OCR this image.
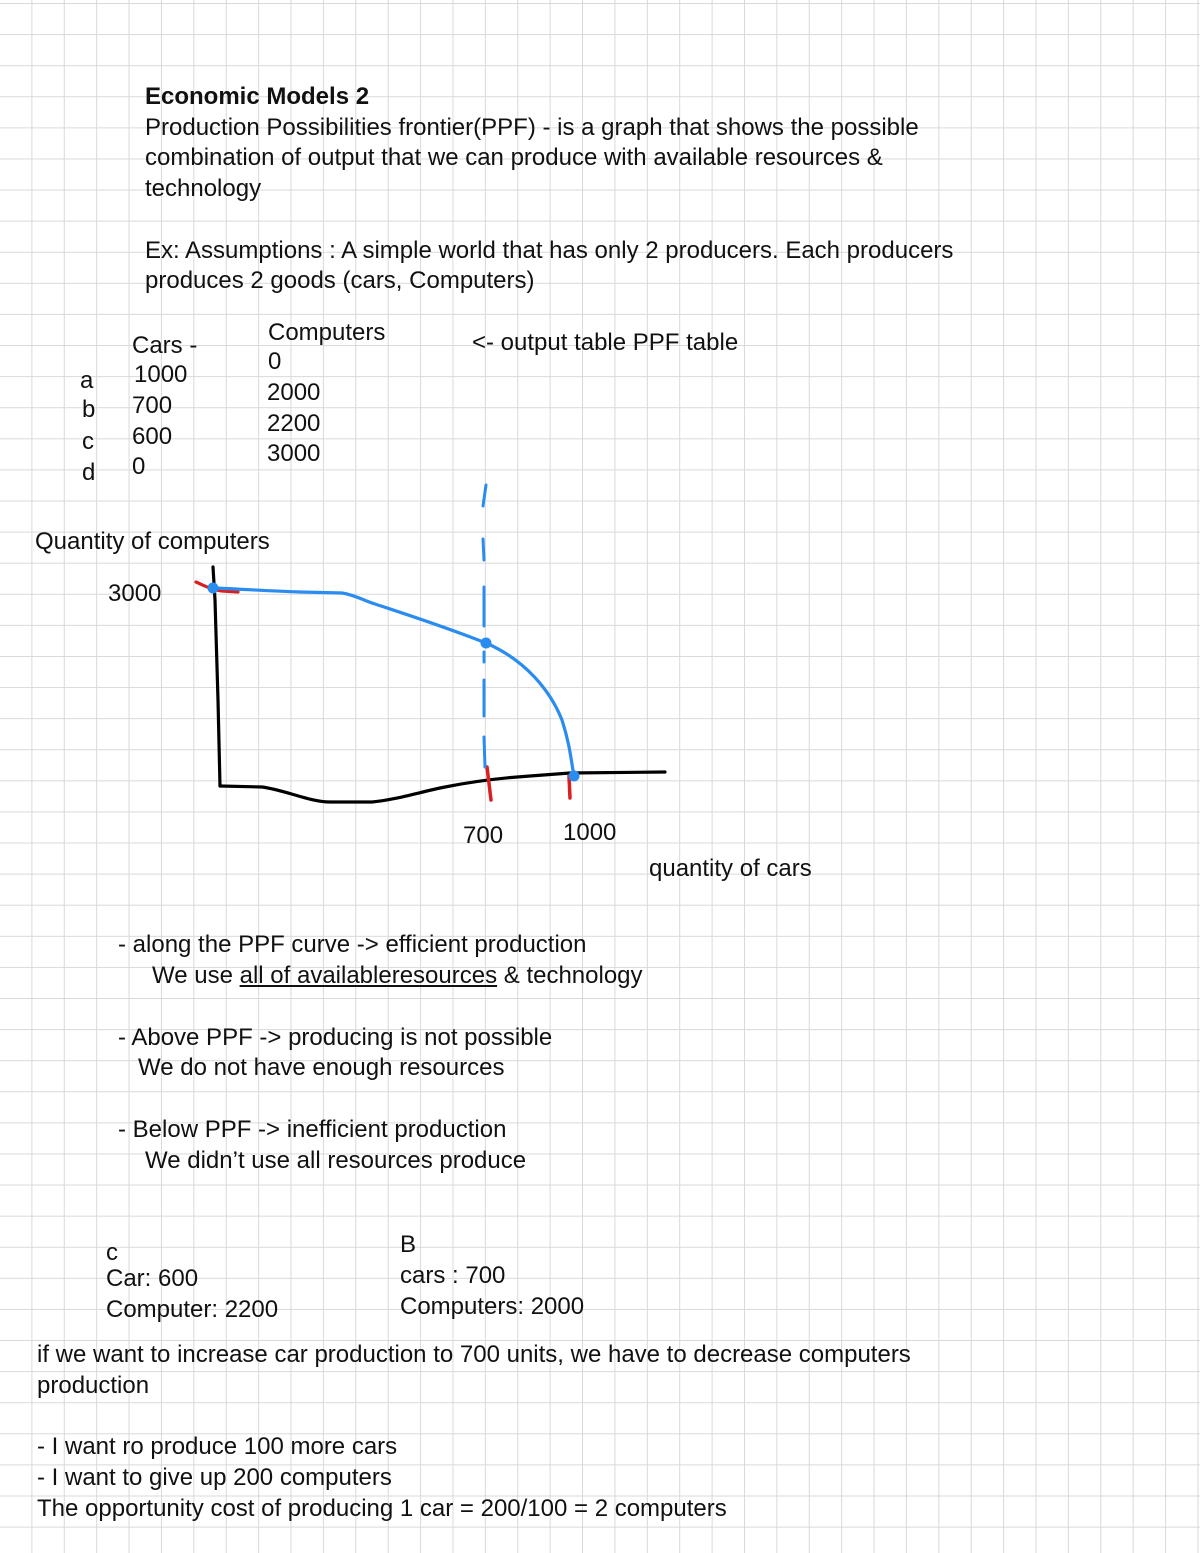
Economic Models 2
Production Possibilities frontier(PPF) - is a graph that shows the possible
combination of output that we can produce with available resources &
technology
Ex: Assumptions : A simple world that has only 2 producers. Each producers
produces 2 goods (cars, Computers)
Cars -	Computers	<- output table PPF table
a
b
c
d
1000
700
600
0
0
2000
2200
3000
Quantity of computers
3000
700 1000
quantity of cars
- along the PPF curve -> efficient production
We use all of availableresources & technology
- Above PPF -> producing is not possible
We do not have enough resources
- Below PPF -> inefficient production
We didn’t use all resources produce
c
Car: 600
Computer: 2200
B
cars : 700
Computers: 2000
if we want to increase car production to 700 units, we have to decrease computers
production
- I want ro produce 100 more cars
- I want to give up 200 computers
The opportunity cost of producing 1 car = 200/100 = 2 computers
